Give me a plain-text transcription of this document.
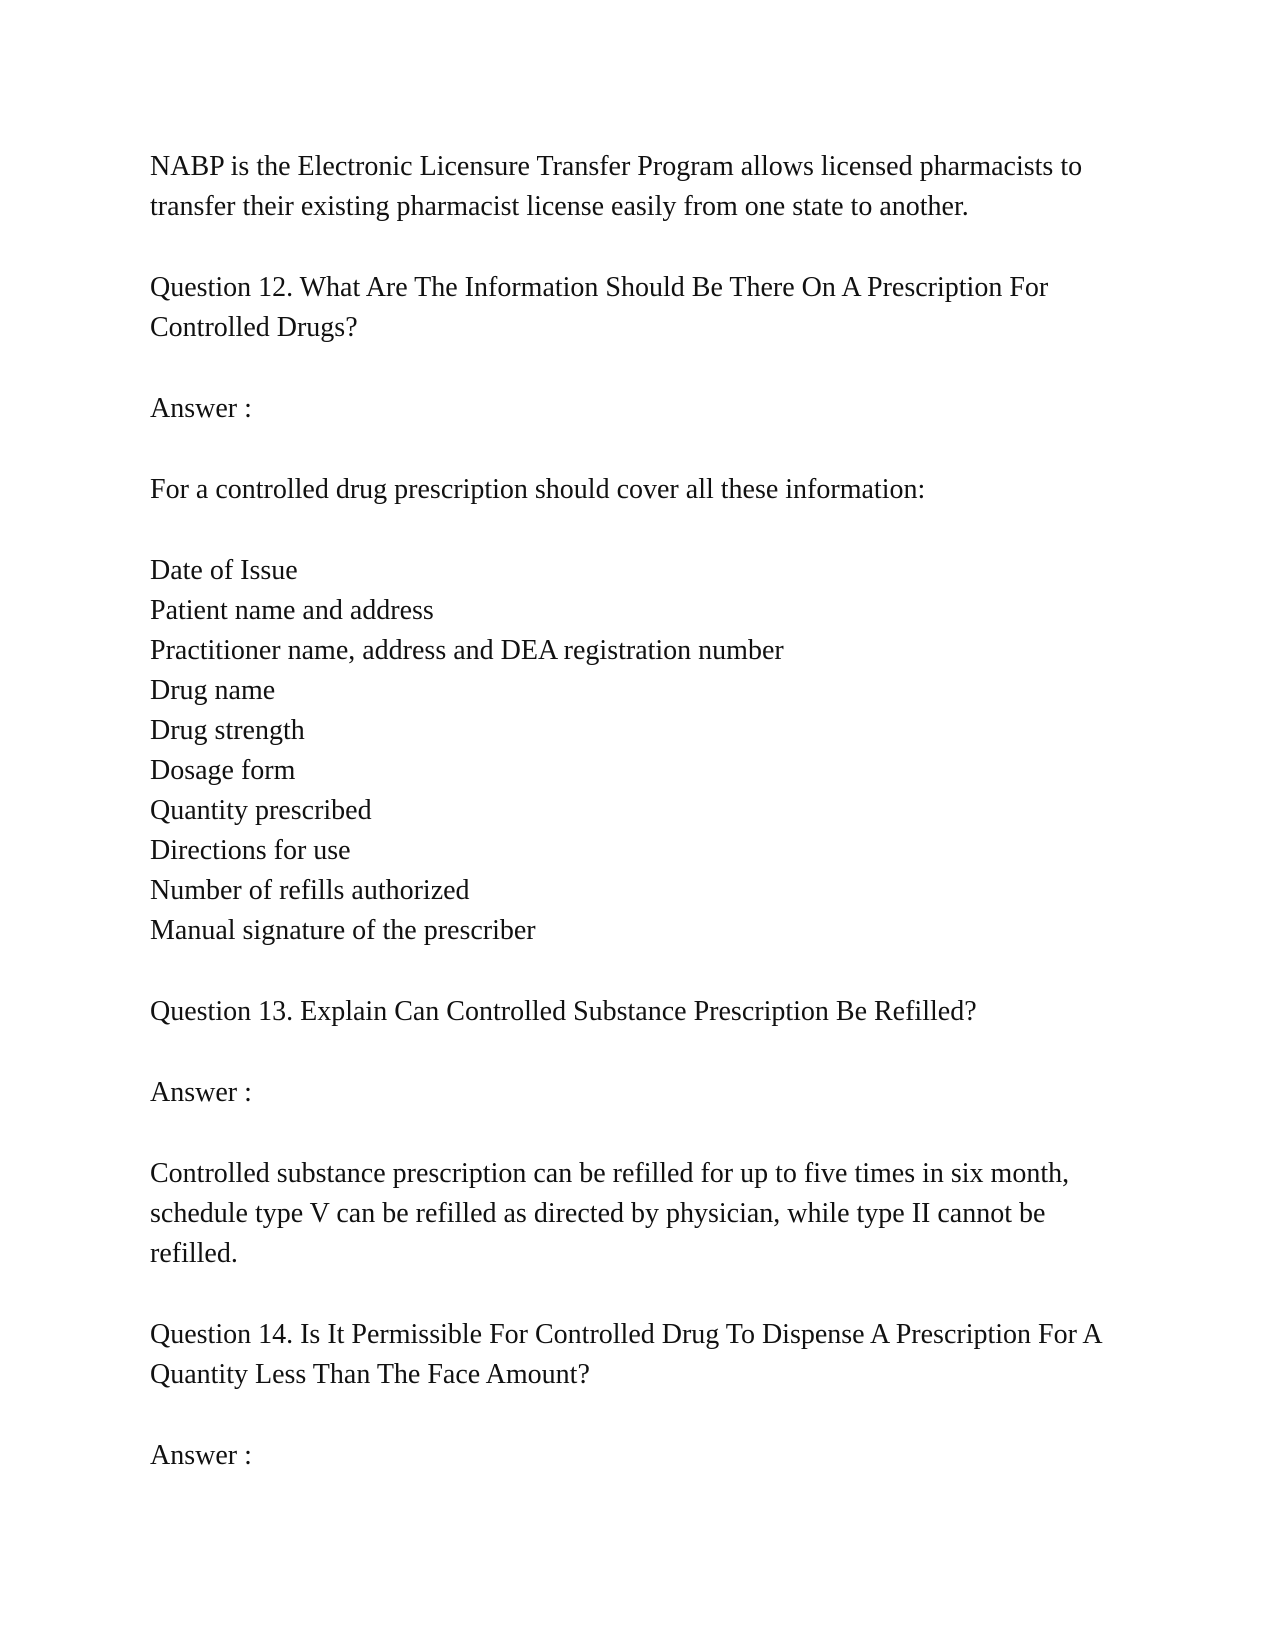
NABP is the Electronic Licensure Transfer Program allows licensed pharmacists to transfer their existing pharmacist license easily from one state to another.

Question 12. What Are The Information Should Be There On A Prescription For Controlled Drugs?

Answer :

For a controlled drug prescription should cover all these information:

Date of Issue
Patient name and address
Practitioner name, address and DEA registration number
Drug name
Drug strength
Dosage form
Quantity prescribed
Directions for use
Number of refills authorized
Manual signature of the prescriber

Question 13. Explain Can Controlled Substance Prescription Be Refilled?

Answer :

Controlled substance prescription can be refilled for up to five times in six month, schedule type V can be refilled as directed by physician, while type II cannot be refilled.

Question 14. Is It Permissible For Controlled Drug To Dispense A Prescription For A Quantity Less Than The Face Amount?

Answer :
